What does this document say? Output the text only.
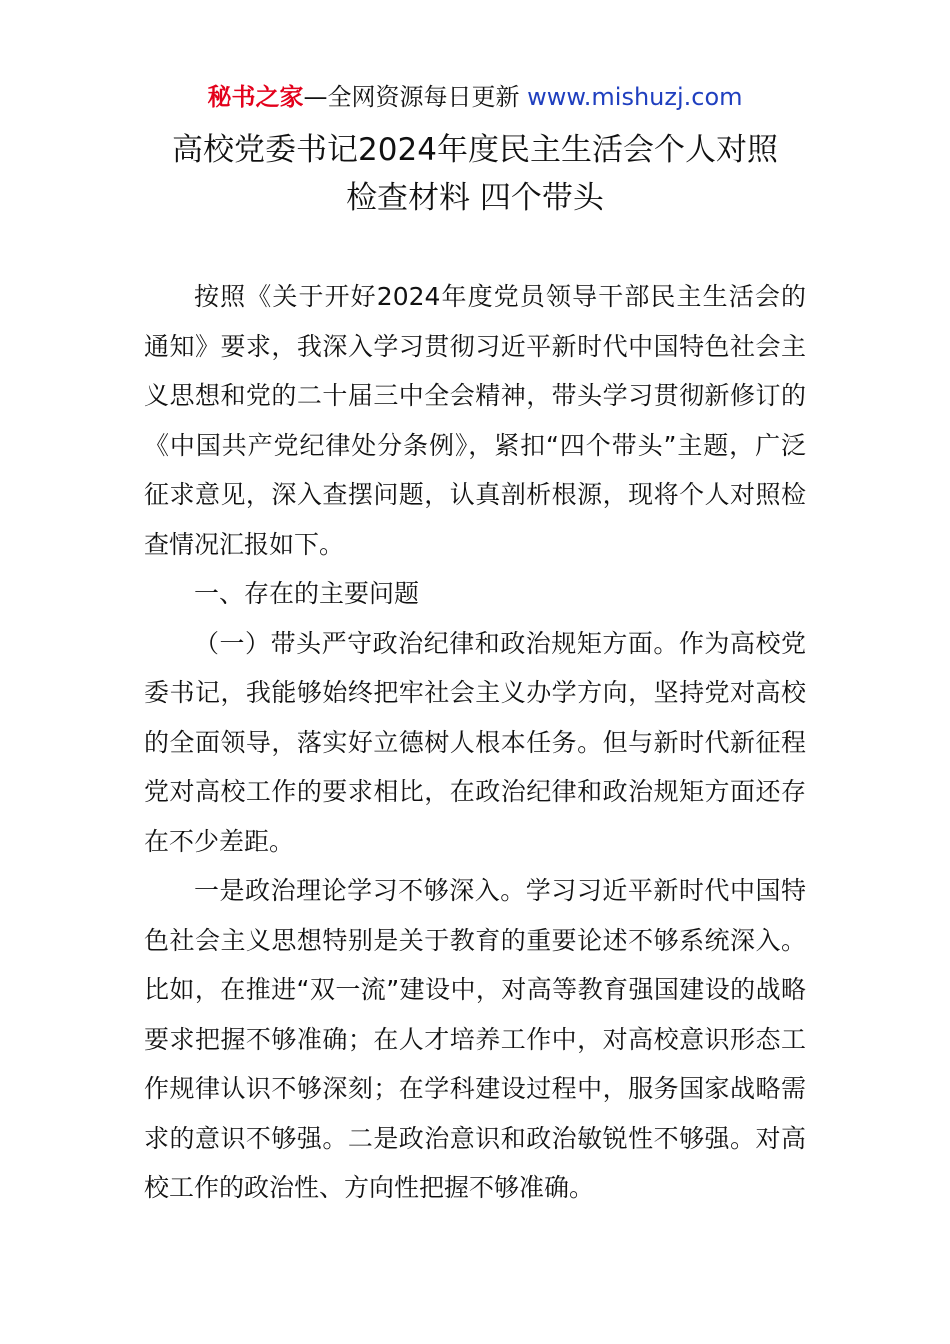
秘书之家—全网资源每日更新 www.mishuzj.com
高校党委书记2024年度民主生活会个人对照
检查材料 四个带头

按照《关于开好2024年度党员领导干部民主生活会的通知》要求，我深入学习贯彻习近平新时代中国特色社会主义思想和党的二十届三中全会精神，带头学习贯彻新修订的《中国共产党纪律处分条例》，紧扣“四个带头”主题，广泛征求意见，深入查摆问题，认真剖析根源，现将个人对照检查情况汇报如下。

一、存在的主要问题

（一）带头严守政治纪律和政治规矩方面。作为高校党委书记，我能够始终把牢社会主义办学方向，坚持党对高校的全面领导，落实好立德树人根本任务。但与新时代新征程党对高校工作的要求相比，在政治纪律和政治规矩方面还存在不少差距。

一是政治理论学习不够深入。学习习近平新时代中国特色社会主义思想特别是关于教育的重要论述不够系统深入。比如，在推进“双一流”建设中，对高等教育强国建设的战略要求把握不够准确；在人才培养工作中，对高校意识形态工作规律认识不够深刻；在学科建设过程中，服务国家战略需求的意识不够强。二是政治意识和政治敏锐性不够强。对高校工作的政治性、方向性把握不够准确。
